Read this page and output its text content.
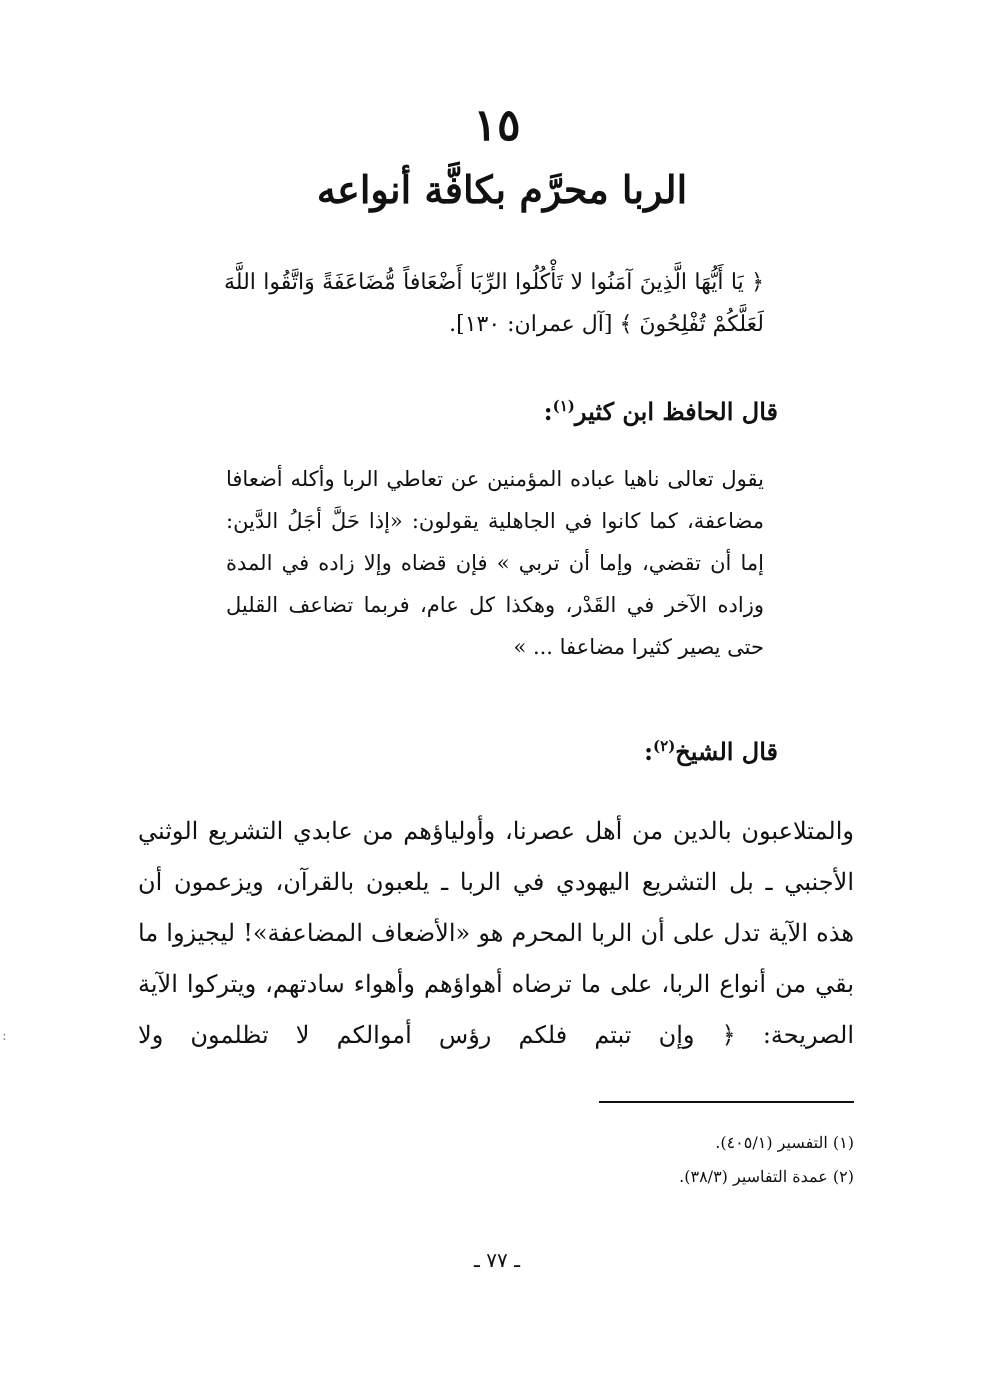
١٥
الربا محرَّم بكافَّة أنواعه
﴿ يَا أَيُّهَا الَّذِينَ آمَنُوا لا تَأْكُلُوا الرِّبَا أَضْعَافاً مُّضَاعَفَةً وَاتَّقُوا اللَّهَ لَعَلَّكُمْ تُفْلِحُونَ ﴾ [آل عمران: ١٣٠].
قال الحافظ ابن كثير$^{(١)}$:

يقول تعالى ناهيا عباده المؤمنين عن تعاطي الربا وأكله أضعافا مضاعفة، كما كانوا في الجاهلية يقولون: «إذا حَلَّ أجَلُ الدَّين: إما أن تقضي، وإما أن تربي » فإن قضاه وإلا زاده في المدة وزاده الآخر في القَدْر، وهكذا كل عام، فربما تضاعف القليل حتى يصير كثيرا مضاعفا ... »

قال الشيخ$^{(٢)}$:
والمتلاعبون بالدين من أهل عصرنا، وأولياؤهم من عابدي التشريع الوثني الأجنبي ـ بل التشريع اليهودي في الربا ـ يلعبون بالقرآن، ويزعمون أن هذه الآية تدل على أن الربا المحرم هو «الأضعاف المضاعفة»! ليجيزوا ما بقي من أنواع الربا، على ما ترضاه أهواؤهم وأهواء سادتهم، ويتركوا الآية الصريحة: ﴿ وإن تبتم فلكم رؤس أموالكم لا تظلمون ولا

(١) التفسير (٤٠٥/١).

(٢) عمدة التفاسير (٣٨/٣).

ـ ٧٧ ـ
:
